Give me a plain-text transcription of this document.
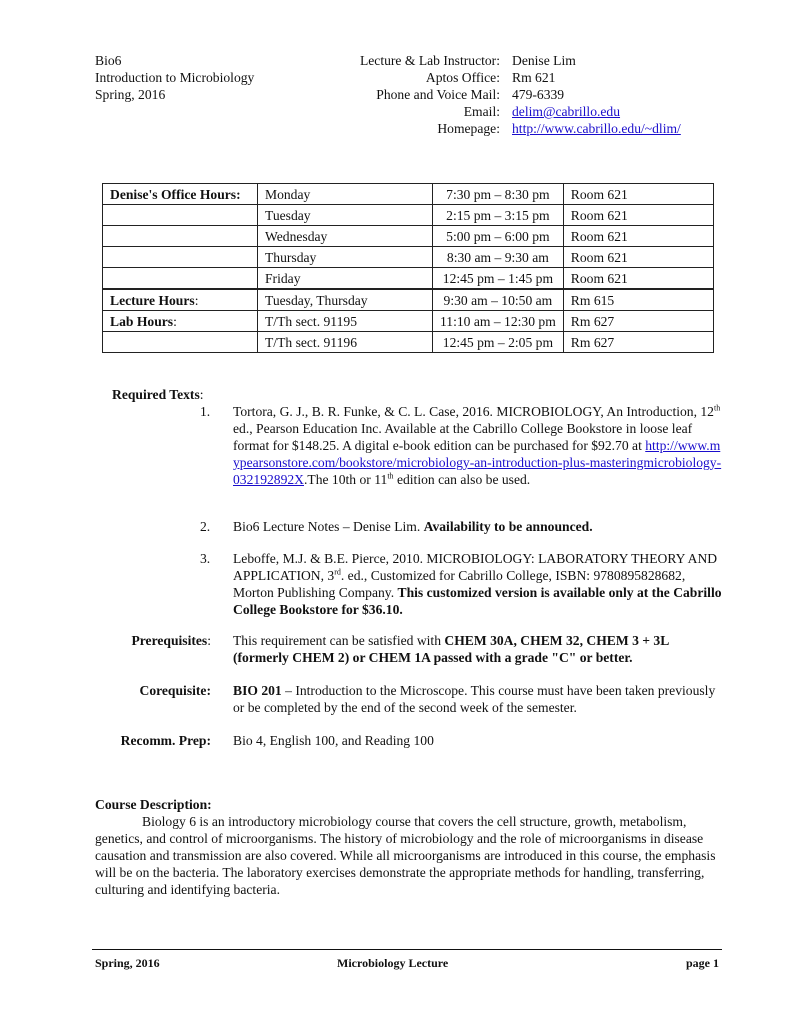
Bio6
Introduction to Microbiology
Spring, 2016
Lecture & Lab Instructor: Denise Lim
Aptos Office: Rm 621
Phone and Voice Mail: 479-6339
Email: delim@cabrillo.edu
Homepage: http://www.cabrillo.edu/~dlim/
Denise's Office Hours:	Monday	7:30 pm – 8:30 pm	Room 621
	Tuesday	2:15 pm – 3:15 pm	Room 621
	Wednesday	5:00 pm – 6:00 pm	Room 621
	Thursday	8:30 am – 9:30 am	Room 621
	Friday	12:45 pm – 1:45 pm	Room 621
Lecture Hours:	Tuesday, Thursday	9:30 am – 10:50 am	Rm 615
Lab Hours:	T/Th sect. 91195	11:10 am – 12:30 pm	Rm 627
	T/Th sect. 91196	12:45 pm – 2:05 pm	Rm 627
Required Texts:
1. Tortora, G. J., B. R. Funke, & C. L. Case, 2016. MICROBIOLOGY, An Introduction, 12th ed., Pearson Education Inc. Available at the Cabrillo College Bookstore in loose leaf format for $148.25. A digital e-book edition can be purchased for $92.70 at http://www.mypearsonstore.com/bookstore/microbiology-an-introduction-plus-masteringmicrobiology-032192892X.The 10th or 11th edition can also be used.
2. Bio6 Lecture Notes – Denise Lim. Availability to be announced.
3. Leboffe, M.J. & B.E. Pierce, 2010. MICROBIOLOGY: LABORATORY THEORY AND APPLICATION, 3rd. ed., Customized for Cabrillo College, ISBN: 9780895828682, Morton Publishing Company. This customized version is available only at the Cabrillo College Bookstore for $36.10.
Prerequisites: This requirement can be satisfied with CHEM 30A, CHEM 32, CHEM 3 + 3L (formerly CHEM 2) or CHEM 1A passed with a grade "C" or better.
Corequisite: BIO 201 – Introduction to the Microscope. This course must have been taken previously or be completed by the end of the second week of the semester.
Recomm. Prep: Bio 4, English 100, and Reading 100
Course Description:
Biology 6 is an introductory microbiology course that covers the cell structure, growth, metabolism, genetics, and control of microorganisms. The history of microbiology and the role of microorganisms in disease causation and transmission are also covered. While all microorganisms are introduced in this course, the emphasis will be on the bacteria. The laboratory exercises demonstrate the appropriate methods for handling, transferring, culturing and identifying bacteria.
Spring, 2016	Microbiology Lecture	page 1
